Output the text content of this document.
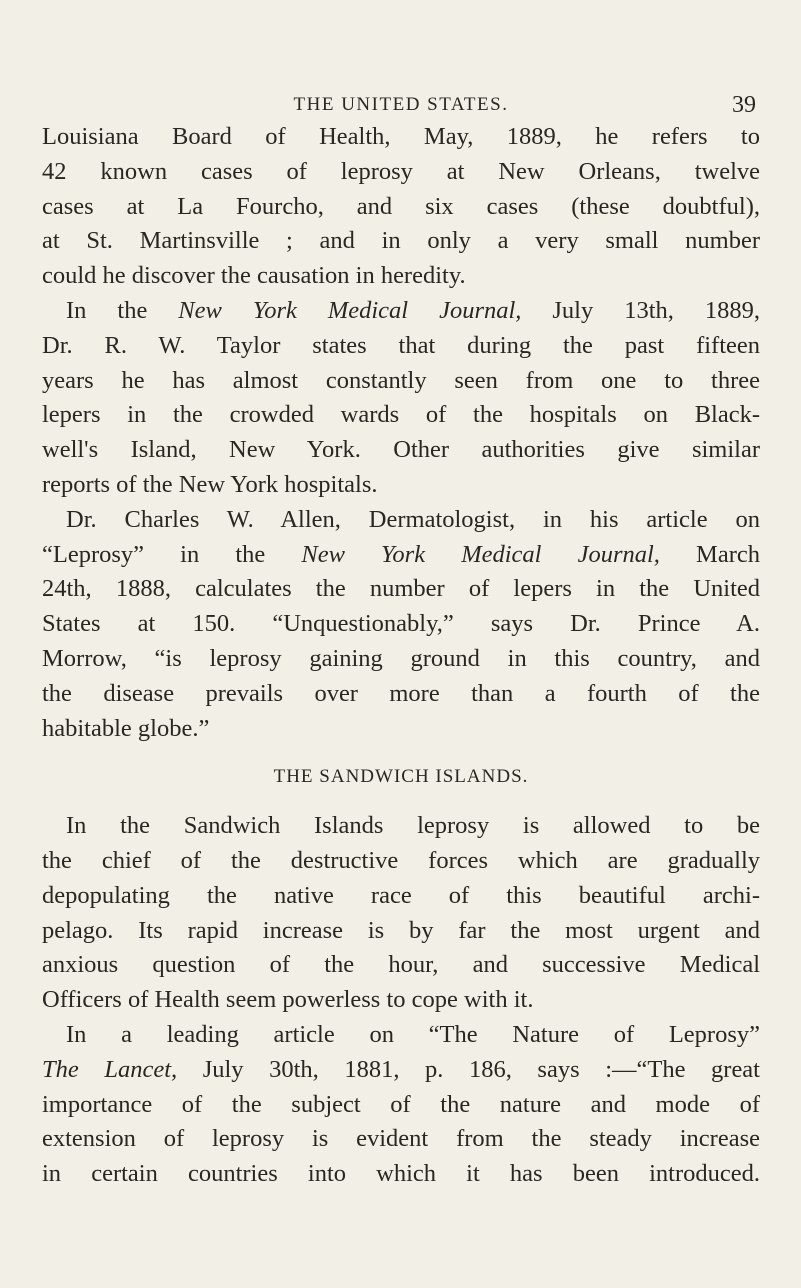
THE UNITED STATES.	39
Louisiana Board of Health, May, 1889, he refers to
42 known cases of leprosy at New Orleans, twelve
cases at La Fourcho, and six cases (these doubtful),
at St. Martinsville ; and in only a very small number
could he discover the causation in heredity.
In the New York Medical Journal, July 13th, 1889,
Dr. R. W. Taylor states that during the past fifteen
years he has almost constantly seen from one to three
lepers in the crowded wards of the hospitals on Black-
well's Island, New York. Other authorities give similar
reports of the New York hospitals.
Dr. Charles W. Allen, Dermatologist, in his article on
“Leprosy” in the New York Medical Journal, March
24th, 1888, calculates the number of lepers in the United
States at 150. “Unquestionably,” says Dr. Prince A.
Morrow, “is leprosy gaining ground in this country, and
the disease prevails over more than a fourth of the
habitable globe.”
THE SANDWICH ISLANDS.
In the Sandwich Islands leprosy is allowed to be
the chief of the destructive forces which are gradually
depopulating the native race of this beautiful archi-
pelago. Its rapid increase is by far the most urgent and
anxious question of the hour, and successive Medical
Officers of Health seem powerless to cope with it.
In a leading article on “The Nature of Leprosy”
The Lancet, July 30th, 1881, p. 186, says :—“The great
importance of the subject of the nature and mode of
extension of leprosy is evident from the steady increase
in certain countries into which it has been introduced.
